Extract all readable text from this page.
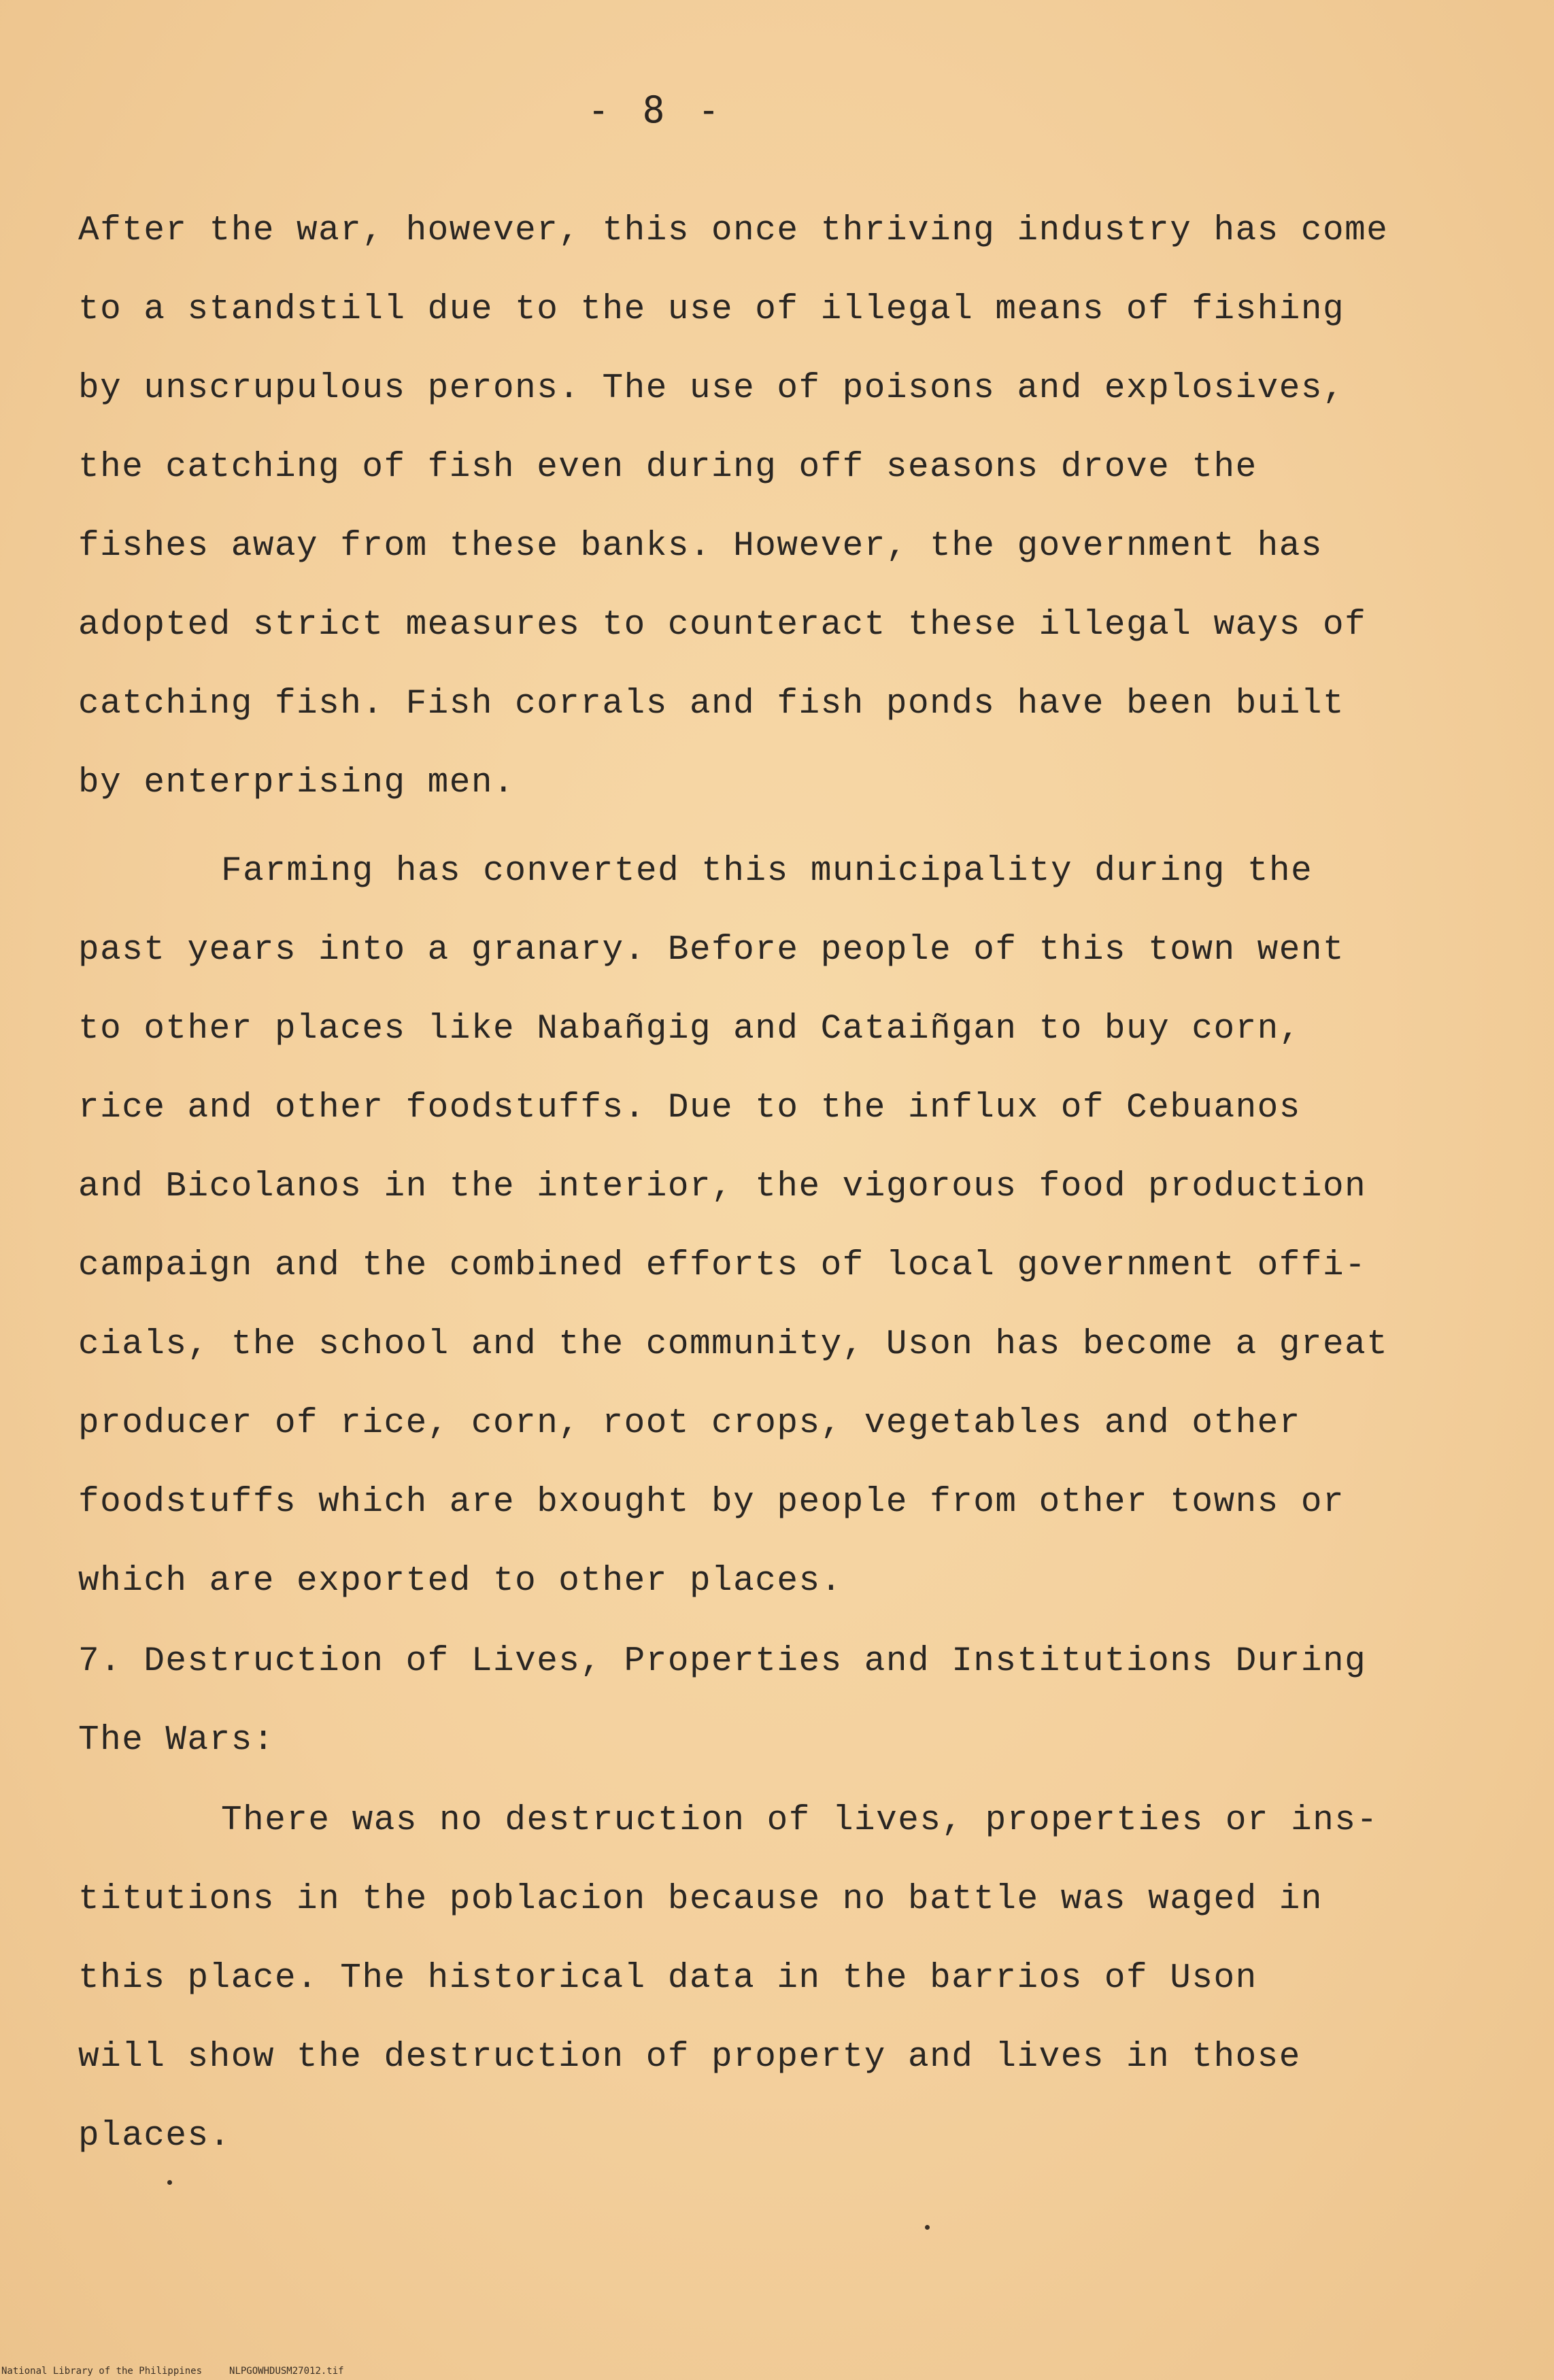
- 8 -
After the war, however, this once thriving industry has come
to a standstill due to the use of illegal means of fishing
by unscrupulous perons. The use of poisons and explosives,
the catching of fish even during off seasons drove the
fishes away from these banks. However, the government has
adopted strict measures to counteract these illegal ways of
catching fish. Fish corrals and fish ponds have been built
by enterprising men.
Farming has converted this municipality during the
past years into a granary. Before people of this town went
to other places like Nabañgig and Cataiñgan to buy corn,
rice and other foodstuffs. Due to the influx of Cebuanos
and Bicolanos in the interior, the vigorous food production
campaign and the combined efforts of local government offi-
cials, the school and the community, Uson has become a great
producer of rice, corn, root crops, vegetables and other
foodstuffs which are bxought by people from other towns or
which are exported to other places.
7. Destruction of Lives, Properties and Institutions During
The Wars:
There was no destruction of lives, properties or ins-
titutions in the poblacion because no battle was waged in
this place. The historical data in the barrios of Uson
will show the destruction of property and lives in those
places.
National Library of the Philippines	NLPGOWHDUSM27012.tif
